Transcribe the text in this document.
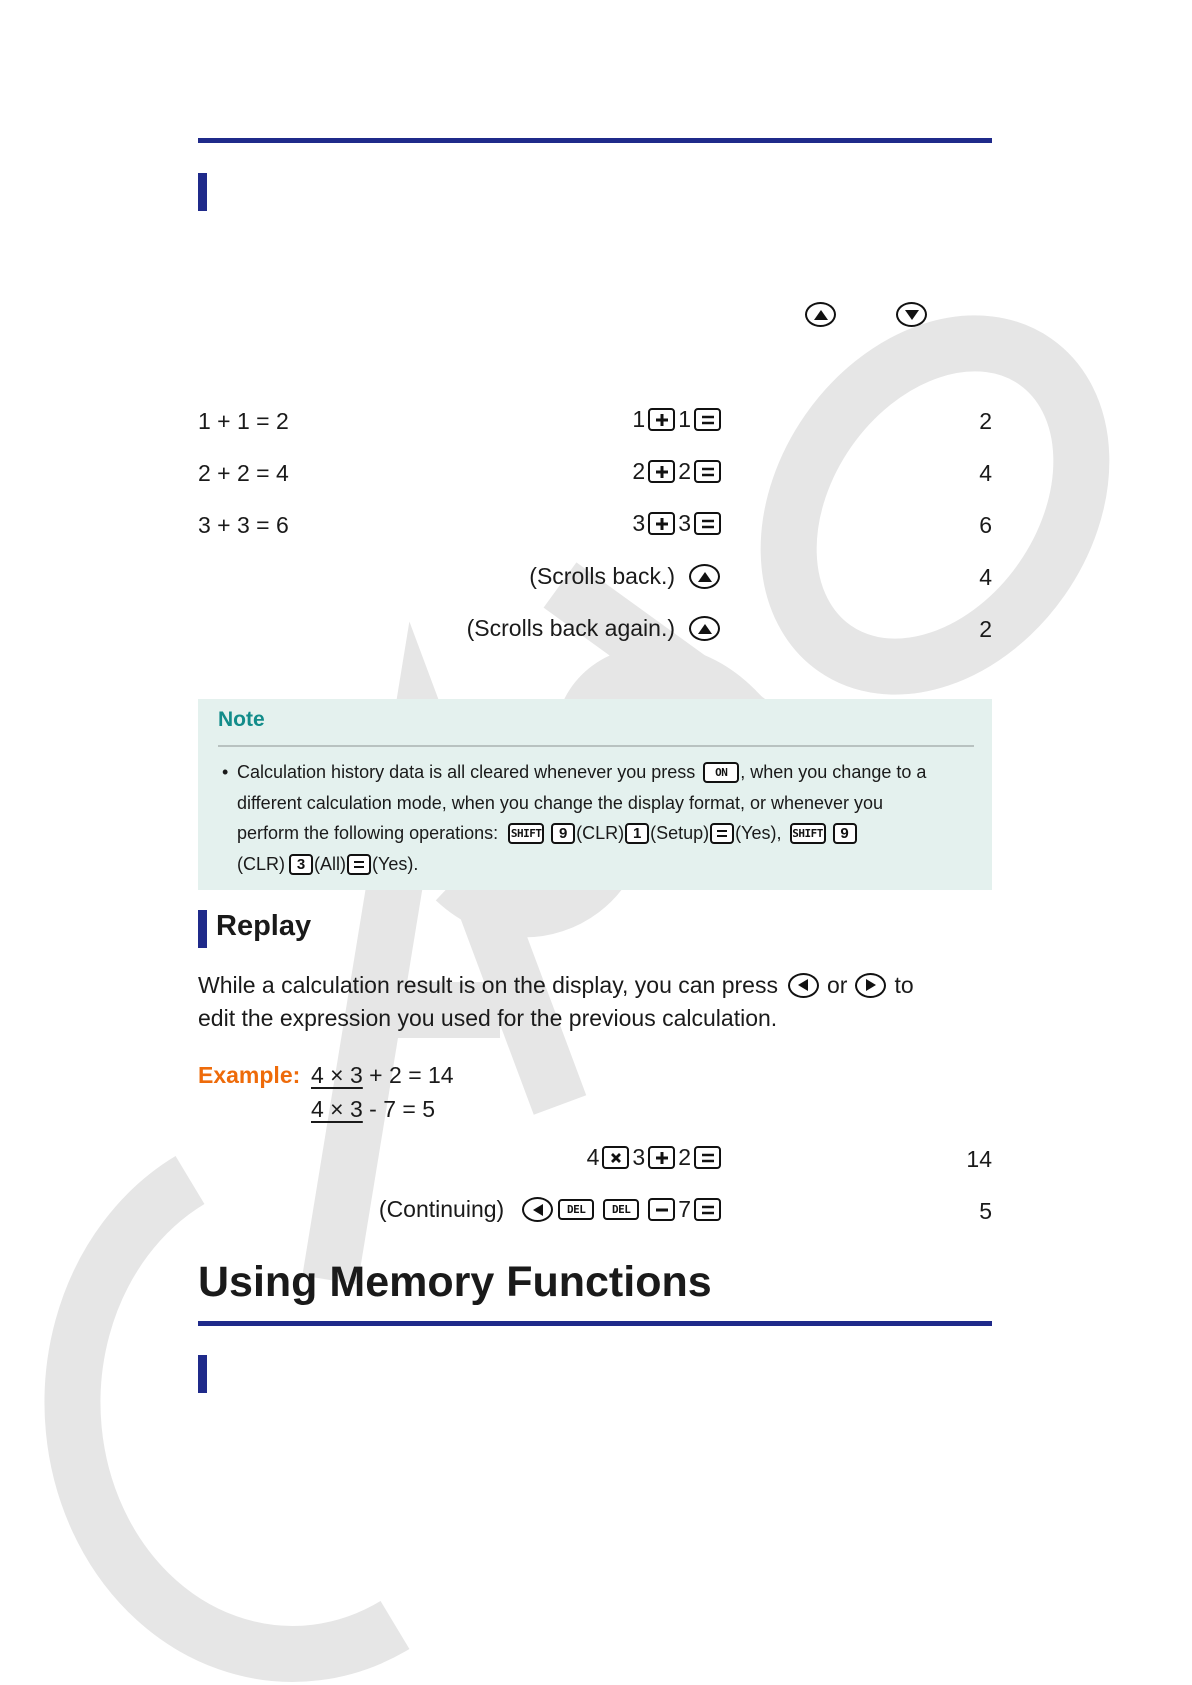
1 + 1 = 2	1 1	2
2 + 2 = 4	2 2	4
3 + 3 = 6	3 3	6
(Scrolls back.)	4
(Scrolls back again.)	2
Note
• Calculation history data is all cleared whenever you press	ON , when you change to a
different calculation mode, when you change the display format, or whenever you
perform the following operations: SHIFT	9 (CLR) 1 (Setup) (Yes), SHIFT	9
(CLR) 3 (All) (Yes).
Replay
While a calculation result is on the display, you can press or to
edit the expression you used for the previous calculation.
Example: 4 × 3 + 2 = 14
4 × 3 - 7 = 5
4 3 2	14
(Continuing)	DEL	DEL	7	5
Using Memory Functions
